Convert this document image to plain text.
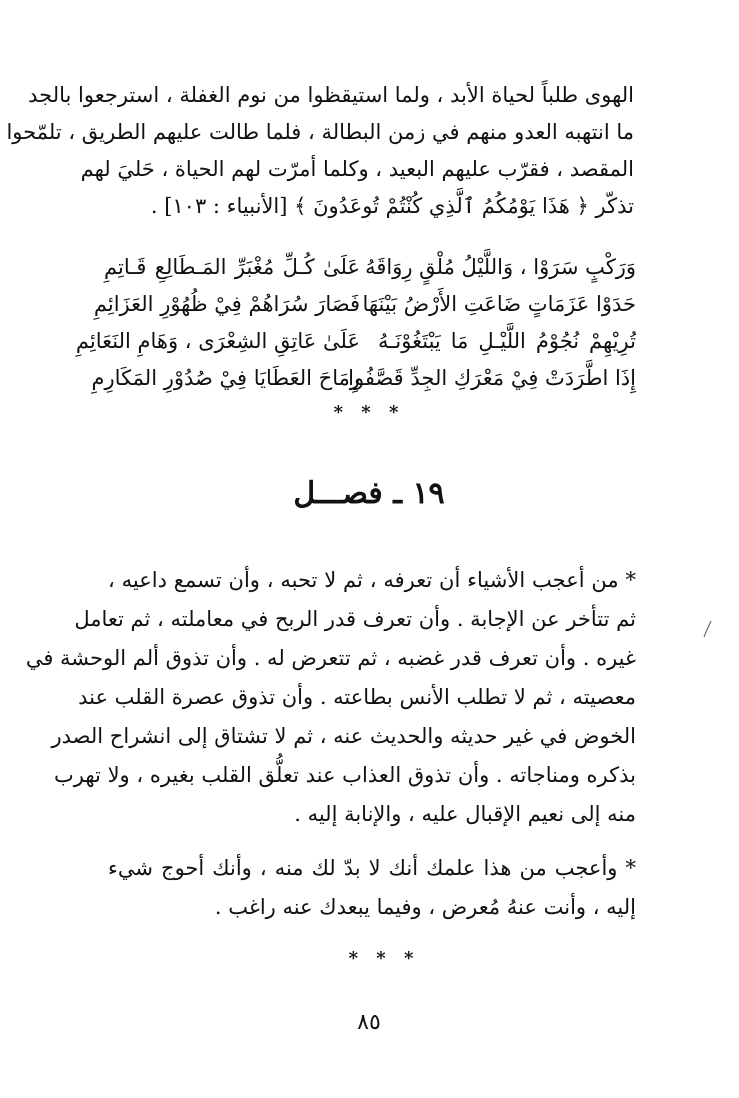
الهوى طلباً لحياة الأبد ، ولما استيقظوا من نوم الغفلة ، استرجعوا بالجد
ما انتهبه العدو منهم في زمن البطالة ، فلما طالت عليهم الطريق ، تلمّحوا
المقصد ، فقرّب عليهم البعيد ، وكلما أمرّت لهم الحياة ، حَليَ لهم
تذكّر ﴿ هَذَا يَوْمُكُمُ ٱلَّذِي كُنْتُمْ تُوعَدُونَ ﴾ [الأنبياء : ١٠٣] .
وَرَكْبٍ سَرَوْا ، وَاللَّيْلُ مُلْقٍ رِوَاقَهُ
عَلَىٰ كُـلِّ مُغْبَرِّ المَـطَالِعِ قَـاتِمِ
حَدَوْا عَزَمَاتٍ ضَاعَتِ الأَرْضُ بَيْنَهَا
فَصَارَ سُرَاهُمْ فِيْ ظُهُوْرِ العَزَائِمِ
تُرِيْهِمْ نُجُوْمُ اللَّيْـلِ مَا يَبْتَغُوْنَـهُ
عَلَىٰ عَاتِقِ الشِعْرَى ، وَهَامِ النَعَائِمِ
إِذَا اطَّرَدَتْ فِيْ مَعْرَكِ الجِدِّ قَصَّفُوا
رِمَاحَ العَطَايَا فِيْ صُدُوْرِ المَكَارِمِ
* * *
١٩ ـ فصـــل
* من أعجب الأشياء أن تعرفه ، ثم لا تحبه ، وأن تسمع داعيه ،
ثم تتأخر عن الإجابة . وأن تعرف قدر الربح في معاملته ، ثم تعامل
غيره . وأن تعرف قدر غضبه ، ثم تتعرض له . وأن تذوق ألم الوحشة في
معصيته ، ثم لا تطلب الأنس بطاعته . وأن تذوق عصرة القلب عند
الخوض في غير حديثه والحديث عنه ، ثم لا تشتاق إلى انشراح الصدر
بذكره ومناجاته . وأن تذوق العذاب عند تعلُّق القلب بغيره ، ولا تهرب
منه إلى نعيم الإقبال عليه ، والإنابة إليه .
* وأعجب من هذا علمك أنك لا بدّ لك منه ، وأنك أحوج شيء
إليه ، وأنت عنهُ مُعرض ، وفيما يبعدك عنه راغب .
* * *
٨٥
